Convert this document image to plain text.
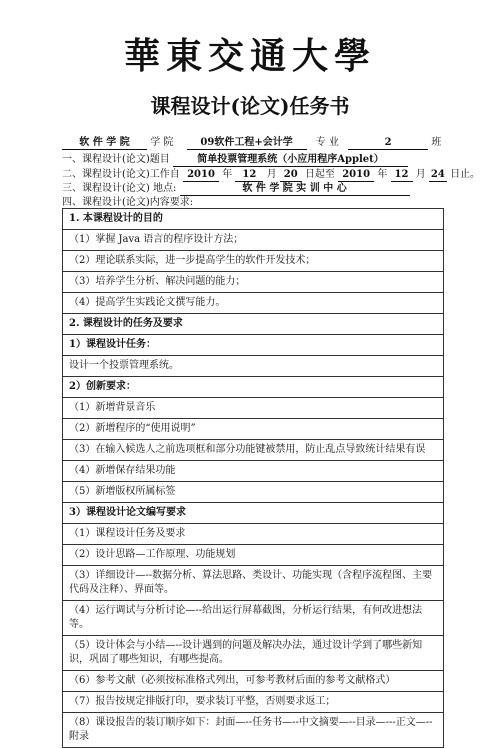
華東交通大學
课程设计(论文)任务书
软 件 学 院 学 院	09软件工程+会计学 专 业	2	班
一、课程设计(论文)题目	简单投票管理系统（小应用程序Applet）
二、课程设计(论文)工作自 2010 年 12 月 20 日起至 2010 年 12 月 24 日止。
三、课程设计(论文) 地点:	软 件 学 院 实 训 中 心
四、课程设计(论文)内容要求:
1. 本课程设计的目的
（1）掌握 Java 语言的程序设计方法；
（2）理论联系实际，进一步提高学生的软件开发技术；
（3）培养学生分析、解决问题的能力；
（4）提高学生实践论文撰写能力。
2. 课程设计的任务及要求
1）课程设计任务：
设计一个投票管理系统。
2）创新要求：
（1）新增背景音乐
（2）新增程序的“使用说明”
（3）在输入候选人之前选项框和部分功能键被禁用，防止乱点导致统计结果有误
（4）新增保存结果功能
（5）新增版权所属标签
3）课程设计论文编写要求
（1）课程设计任务及要求
（2）设计思路—工作原理、功能规划
（3）详细设计—--数据分析、算法思路、类设计、功能实现（含程序流程图、主要代码及注释）、界面等。
（4）运行调试与分析讨论—--给出运行屏幕截图，分析运行结果，有何改进想法等。
（5）设计体会与小结—--设计遇到的问题及解决办法，通过设计学到了哪些新知识，巩固了哪些知识，有哪些提高。
（6）参考文献（必须按标准格式列出，可参考教材后面的参考文献格式）
（7）报告按规定排版打印，要求装订平整，否则要求返工；
（8）课设报告的装订顺序如下：封面—--任务书—--中文摘要—--目录—---正文—--附录
